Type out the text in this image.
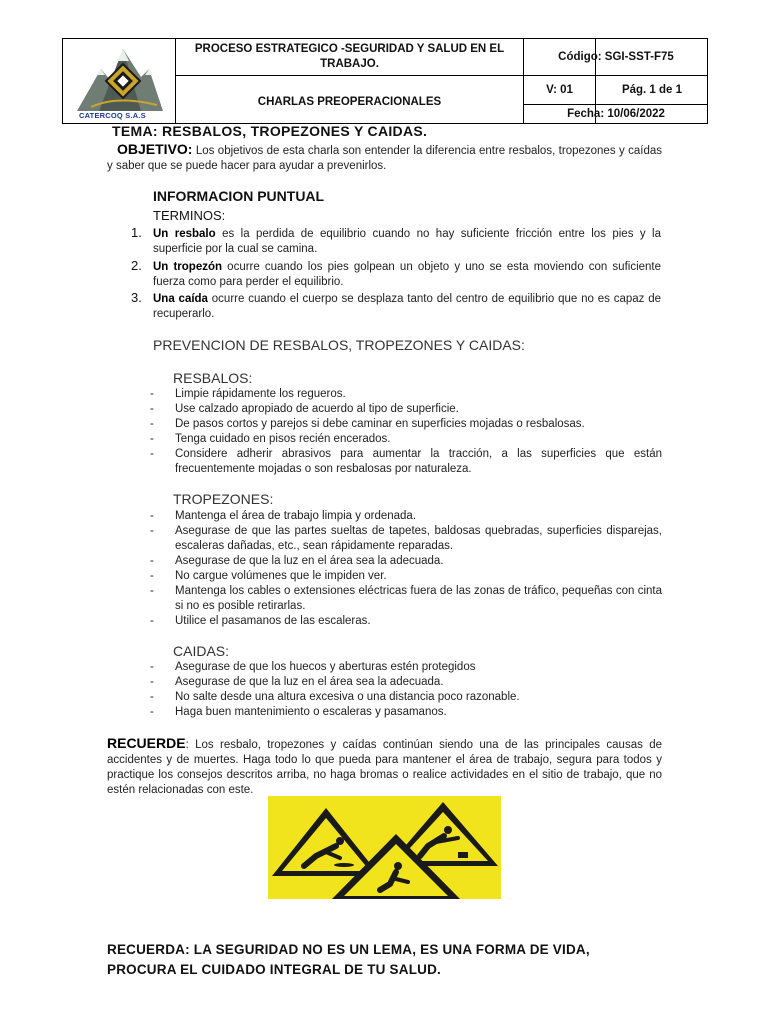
CATERCOQ S.A.S
PROCESO ESTRATEGICO -SEGURIDAD Y SALUD EN EL TRABAJO.
CHARLAS PREOPERACIONALES
Código: SGI-SST-F75
V: 01	Pág. 1 de 1
Fecha: 10/06/2022
TEMA: RESBALOS, TROPEZONES Y CAIDAS.
OBJETIVO: Los objetivos de esta charla son entender la diferencia entre resbalos, tropezones y caídas y saber que se puede hacer para ayudar a prevenirlos.
INFORMACION PUNTUAL
TERMINOS:
1. Un resbalo es la perdida de equilibrio cuando no hay suficiente fricción entre los pies y la superficie por la cual se camina.
2. Un tropezón ocurre cuando los pies golpean un objeto y uno se esta moviendo con suficiente fuerza como para perder el equilibrio.
3. Una caída ocurre cuando el cuerpo se desplaza tanto del centro de equilibrio que no es capaz de recuperarlo.
PREVENCION DE RESBALOS, TROPEZONES Y CAIDAS:
RESBALOS:
- Limpie rápidamente los regueros.
- Use calzado apropiado de acuerdo al tipo de superficie.
- De pasos cortos y parejos si debe caminar en superficies mojadas o resbalosas.
- Tenga cuidado en pisos recién encerados.
- Considere adherir abrasivos para aumentar la tracción, a las superficies que están frecuentemente mojadas o son resbalosas por naturaleza.
TROPEZONES:
- Mantenga el área de trabajo limpia y ordenada.
- Asegurase de que las partes sueltas de tapetes, baldosas quebradas, superficies disparejas, escaleras dañadas, etc., sean rápidamente reparadas.
- Asegurase de que la luz en el área sea la adecuada.
- No cargue volúmenes que le impiden ver.
- Mantenga los cables o extensiones eléctricas fuera de las zonas de tráfico, pequeñas con cinta si no es posible retirarlas.
- Utilice el pasamanos de las escaleras.
CAIDAS:
- Asegurase de que los huecos y aberturas estén protegidos
- Asegurase de que la luz en el área sea la adecuada.
- No salte desde una altura excesiva o una distancia poco razonable.
- Haga buen mantenimiento o escaleras y pasamanos.
RECUERDE: Los resbalo, tropezones y caídas continúan siendo una de las principales causas de accidentes y de muertes. Haga todo lo que pueda para mantener el área de trabajo, segura para todos y practique los consejos descritos arriba, no haga bromas o realice actividades en el sitio de trabajo, que no estén relacionadas con este.
RECUERDA: LA SEGURIDAD NO ES UN LEMA, ES UNA FORMA DE VIDA,
PROCURA EL CUIDADO INTEGRAL DE TU SALUD.
